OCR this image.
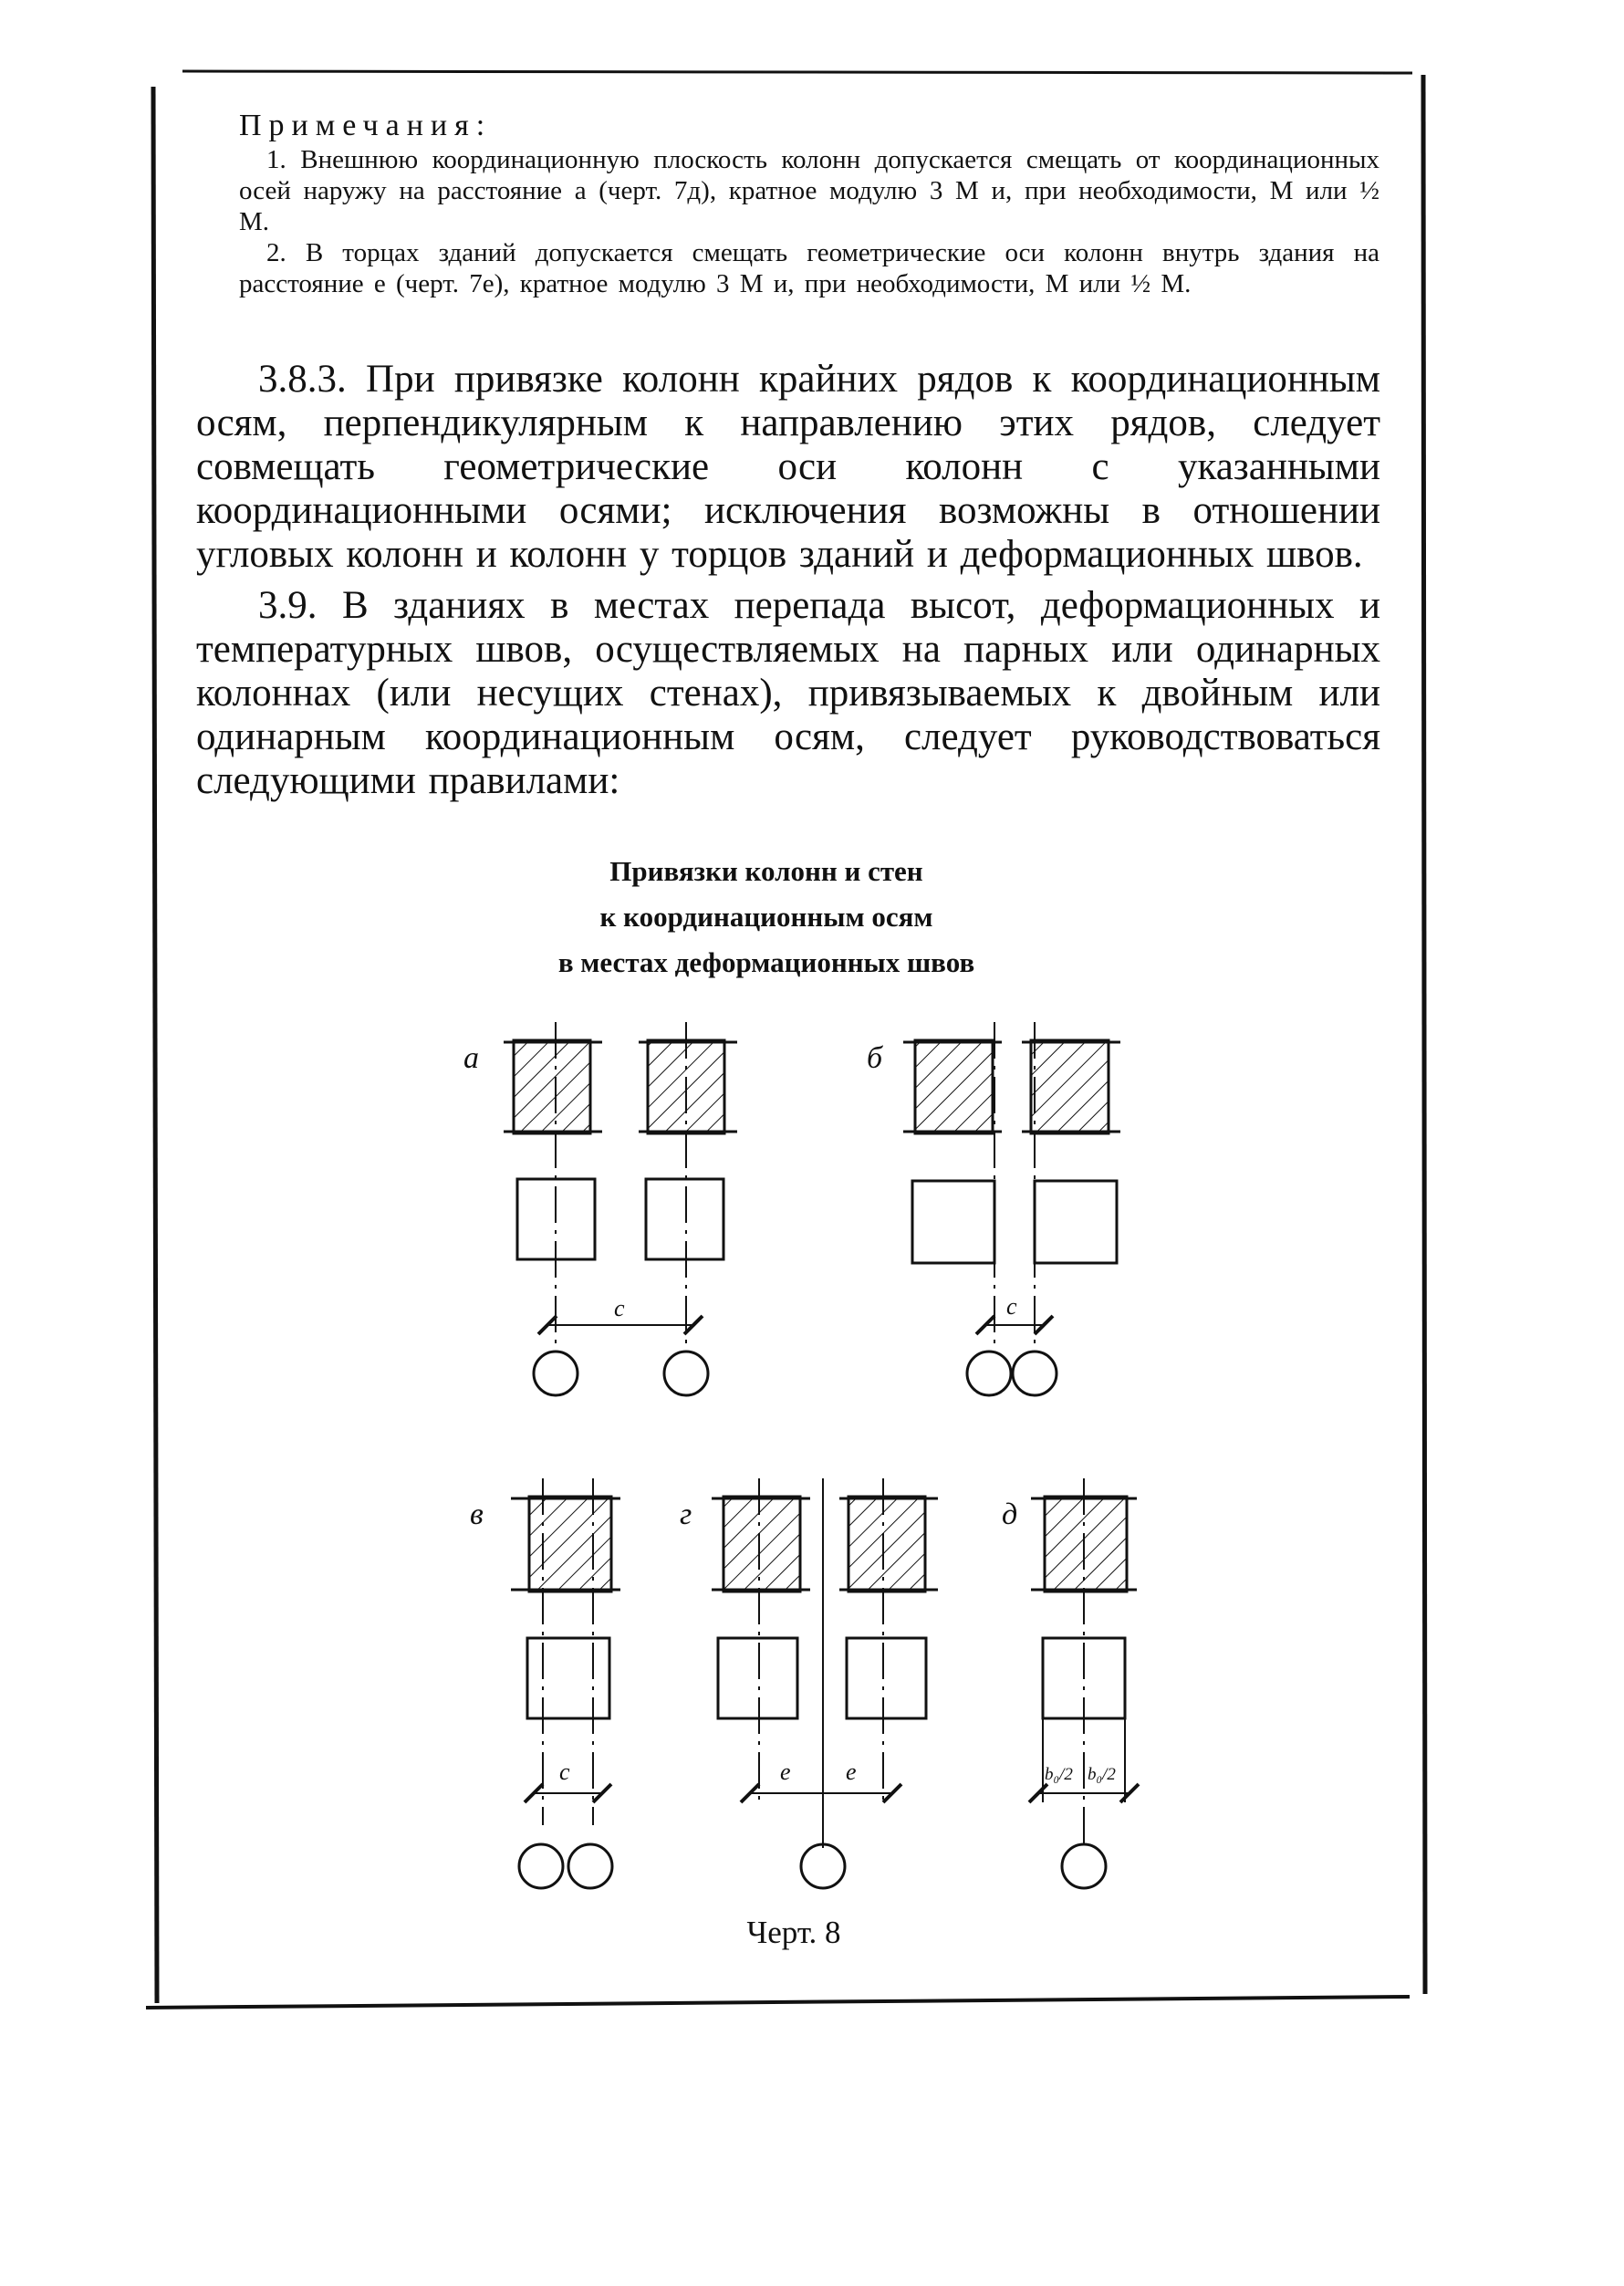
Примечания:
1. Внешнюю координационную плоскость колонн допускается смещать от координационных осей наружу на расстояние а (черт. 7д), кратное модулю 3 М и, при необходимости, М или ½ М.
2. В торцах зданий допускается смещать геометрические оси колонн внутрь здания на расстояние е (черт. 7е), кратное модулю 3 М и, при необходимости, М или ½ М.

3.8.3. При привязке колонн крайних рядов к координационным осям, перпендикулярным к направлению этих рядов, следует совмещать геометрические оси колонн с указанными координационными осями; исключения возможны в отношении угловых колонн и колонн у торцов зданий и деформационных швов.

3.9. В зданиях в местах перепада высот, деформационных и температурных швов, осуществляемых на парных или одинарных колоннах (или несущих стенах), привязываемых к двойным или одинарным координационным осям, следует руководствоваться следующими правилами:

Привязки колонн и стен
к координационным осям
в местах деформационных швов
а
с
б
с
в
с
г
е е
д
b₀/2 b₀/2
Черт. 8
